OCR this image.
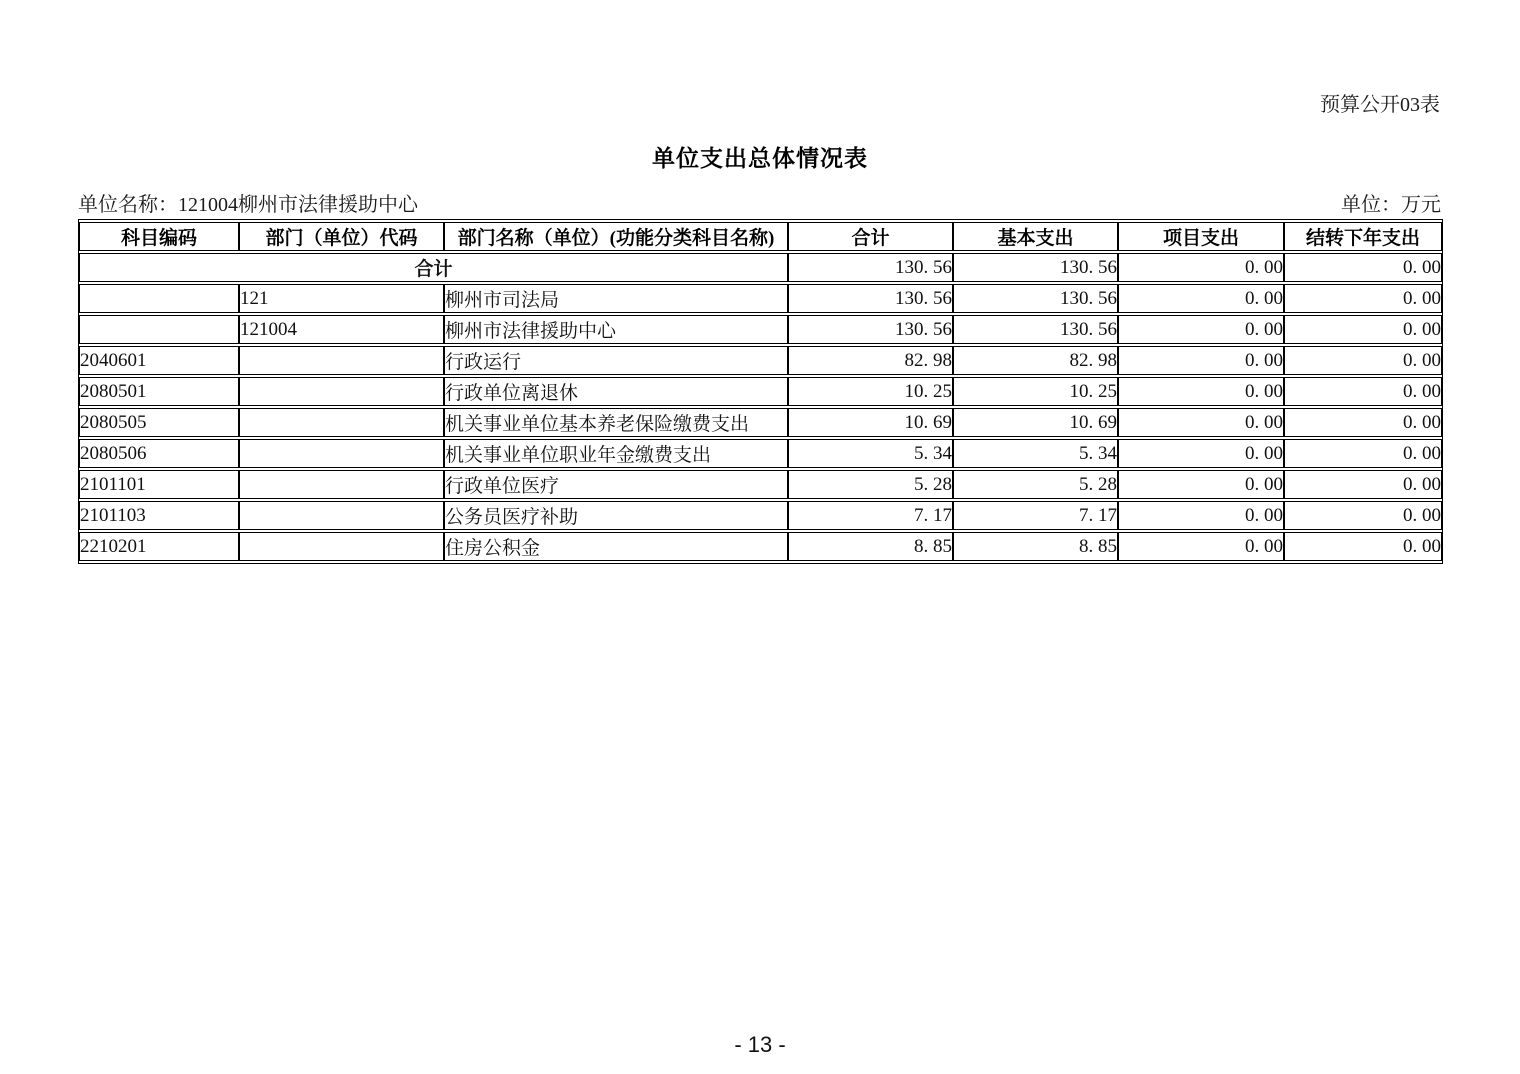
预算公开03表
单位支出总体情况表
单位名称：121004柳州市法律援助中心	单位：万元
科目编码	部门（单位）代码	部门名称（单位）(功能分类科目名称)	合计	基本支出	项目支出	结转下年支出
合计			130. 56	130. 56	0. 00	0. 00
	121	柳州市司法局	130. 56	130. 56	0. 00	0. 00
	121004	柳州市法律援助中心	130. 56	130. 56	0. 00	0. 00
2040601		行政运行	82. 98	82. 98	0. 00	0. 00
2080501		行政单位离退休	10. 25	10. 25	0. 00	0. 00
2080505		机关事业单位基本养老保险缴费支出	10. 69	10. 69	0. 00	0. 00
2080506		机关事业单位职业年金缴费支出	5. 34	5. 34	0. 00	0. 00
2101101		行政单位医疗	5. 28	5. 28	0. 00	0. 00
2101103		公务员医疗补助	7. 17	7. 17	0. 00	0. 00
2210201		住房公积金	8. 85	8. 85	0. 00	0. 00
- 13 -
